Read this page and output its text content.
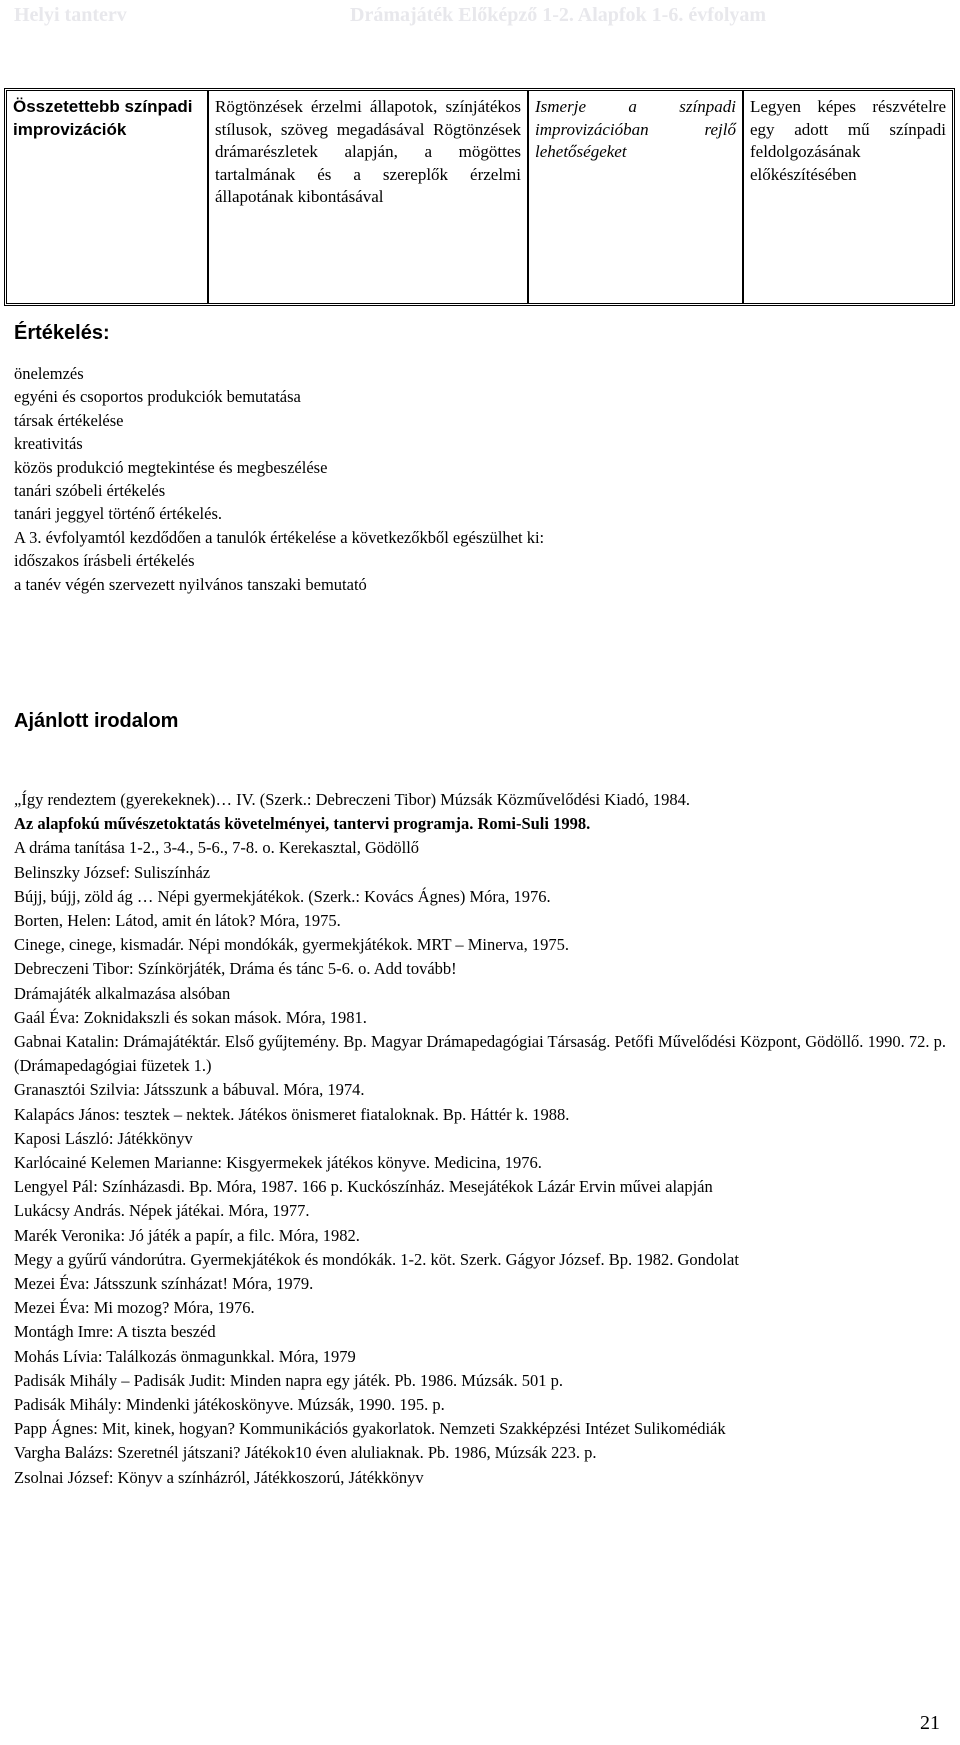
Helyi tanterv	Drámajáték Előképző 1-2. Alapfok 1-6. évfolyam
Összetettebb színpadi improvizációk
Rögtönzések érzelmi állapotok, színjátékos stílusok, szöveg megadásával Rögtönzések drámarészletek alapján, a mögöttes tartalmának és a szereplők érzelmi állapotának kibontásával
Ismerje a színpadi improvizációban rejlő lehetőségeket
Legyen képes részvételre egy adott mű színpadi feldolgozásának előkészítésében
Értékelés:
önelemzés
egyéni és csoportos produkciók bemutatása
társak értékelése
kreativitás
közös produkció megtekintése és megbeszélése
tanári szóbeli értékelés
tanári jeggyel történő értékelés.
A 3. évfolyamtól kezdődően a tanulók értékelése a következőkből egészülhet ki:
időszakos írásbeli értékelés
a tanév végén szervezett nyilvános tanszaki bemutató
Ajánlott irodalom
„Így rendeztem (gyerekeknek)… IV. (Szerk.: Debreczeni Tibor) Múzsák Közművelődési Kiadó, 1984.
Az alapfokú művészetoktatás követelményei, tantervi programja. Romi-Suli 1998.
A dráma tanítása 1-2., 3-4., 5-6., 7-8. o. Kerekasztal, Gödöllő
Belinszky József: Suliszínház
Bújj, bújj, zöld ág … Népi gyermekjátékok. (Szerk.: Kovács Ágnes) Móra, 1976.
Borten, Helen: Látod, amit én látok? Móra, 1975.
Cinege, cinege, kismadár. Népi mondókák, gyermekjátékok. MRT – Minerva, 1975.
Debreczeni Tibor: Színkörjáték, Dráma és tánc 5-6. o. Add tovább!
Drámajáték alkalmazása alsóban
Gaál Éva: Zoknidakszli és sokan mások. Móra, 1981.
Gabnai Katalin: Drámajátéktár. Első gyűjtemény. Bp. Magyar Drámapedagógiai Társaság. Petőfi Művelődési Központ, Gödöllő. 1990. 72. p. (Drámapedagógiai füzetek 1.)
Granasztói Szilvia: Játsszunk a bábuval. Móra, 1974.
Kalapács János: tesztek – nektek. Játékos önismeret fiataloknak. Bp. Háttér k. 1988.
Kaposi László: Játékkönyv
Karlócainé Kelemen Marianne: Kisgyermekek játékos könyve. Medicina, 1976.
Lengyel Pál: Színházasdi. Bp. Móra, 1987. 166 p. Kuckószínház. Mesejátékok Lázár Ervin művei alapján
Lukácsy András. Népek játékai. Móra, 1977.
Marék Veronika: Jó játék a papír, a filc. Móra, 1982.
Megy a gyűrű vándorútra. Gyermekjátékok és mondókák. 1-2. köt. Szerk. Gágyor József. Bp. 1982. Gondolat
Mezei Éva: Játsszunk színházat! Móra, 1979.
Mezei Éva: Mi mozog? Móra, 1976.
Montágh Imre: A tiszta beszéd
Mohás Lívia: Találkozás önmagunkkal. Móra, 1979
Padisák Mihály – Padisák Judit: Minden napra egy játék. Pb. 1986. Múzsák. 501 p.
Padisák Mihály: Mindenki játékoskönyve. Múzsák, 1990. 195. p.
Papp Ágnes: Mit, kinek, hogyan? Kommunikációs gyakorlatok. Nemzeti Szakképzési Intézet Sulikomédiák
Vargha Balázs: Szeretnél játszani? Játékok10 éven aluliaknak. Pb. 1986, Múzsák 223. p.
Zsolnai József: Könyv a színházról, Játékkoszorú, Játékkönyv
21
